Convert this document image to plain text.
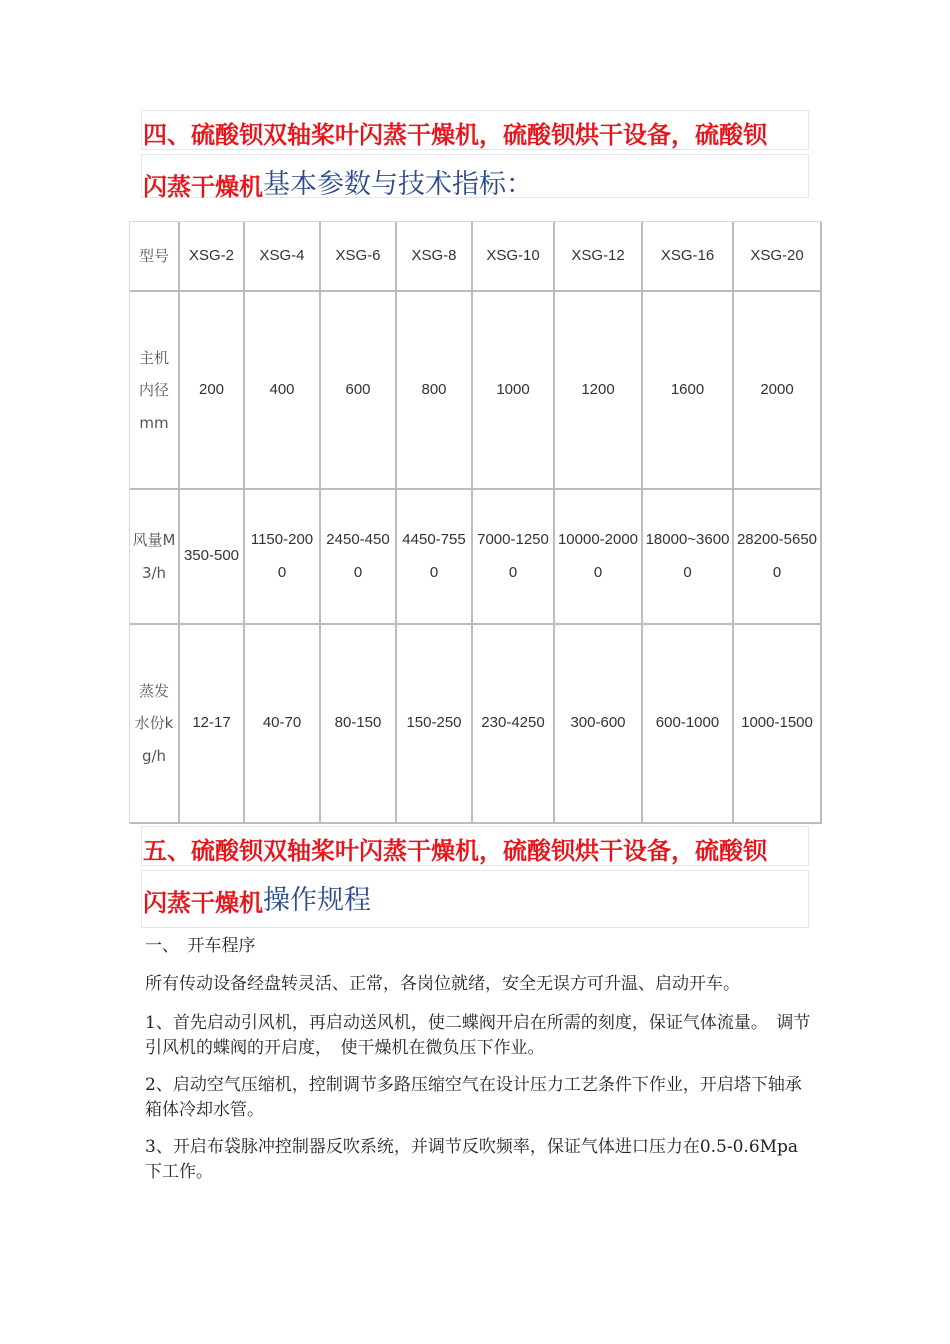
四、硫酸钡双轴桨叶闪蒸干燥机，硫酸钡烘干设备，硫酸钡
闪蒸干燥机基本参数与技术指标：
型号	XSG-2	XSG-4	XSG-6	XSG-8	XSG-10	XSG-12	XSG-16	XSG-20
主机内径mm	200	400	600	800	1000	1200	1600	2000
风量M3/h	350-500	1150-2000	2450-4500	4450-7550	7000-12500	10000-20000	18000~36000	28200-56500
蒸发水份kg/h	12-17	40-70	80-150	150-250	230-4250	300-600	600-1000	1000-1500
五、硫酸钡双轴桨叶闪蒸干燥机，硫酸钡烘干设备，硫酸钡
闪蒸干燥机操作规程
一、　开车程序
所有传动设备经盘转灵活、正常，各岗位就绪，安全无误方可升温、启动开车。
1、首先启动引风机，再启动送风机，使二蝶阀开启在所需的刻度，保证气体流量。　调节引风机的蝶阀的开启度，　使干燥机在微负压下作业。
2、启动空气压缩机，控制调节多路压缩空气在设计压力工艺条件下作业，开启塔下轴承箱体冷却水管。
3、开启布袋脉冲控制器反吹系统，并调节反吹频率，保证气体进口压力在0.5-0.6Mpa 下工作。
